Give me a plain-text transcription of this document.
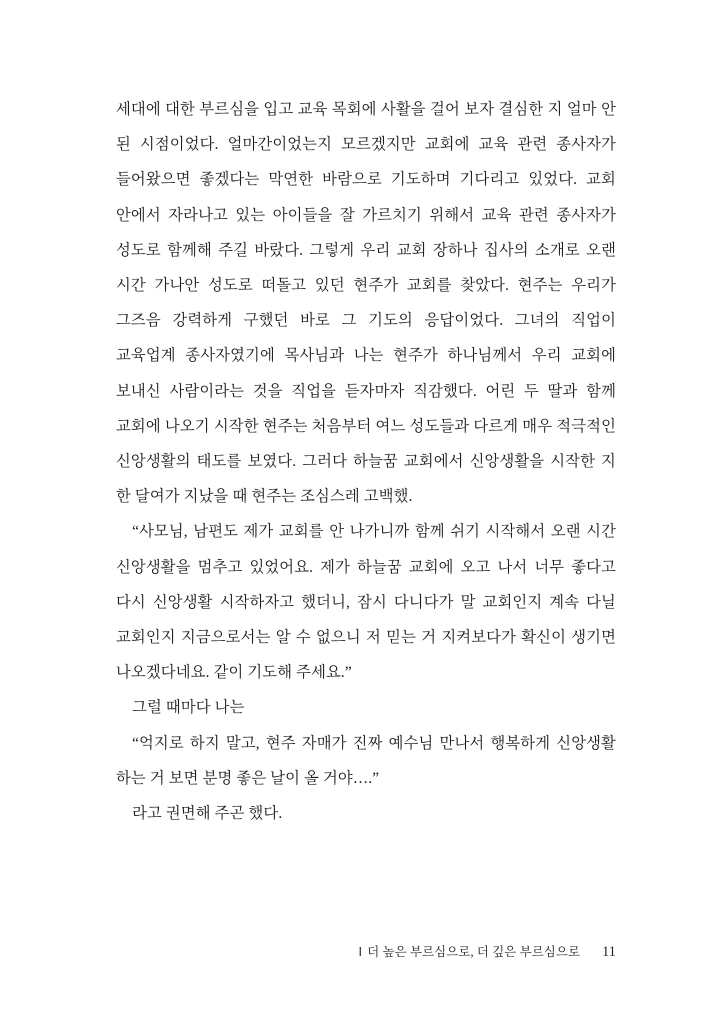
세대에 대한 부르심을 입고 교육 목회에 사활을 걸어 보자 결심한 지 얼마 안 된 시점이었다. 얼마간이었는지 모르겠지만 교회에 교육 관련 종사자가 들어왔으면 좋겠다는 막연한 바람으로 기도하며 기다리고 있었다. 교회 안에서 자라나고 있는 아이들을 잘 가르치기 위해서 교육 관련 종사자가 성도로 함께해 주길 바랐다. 그렇게 우리 교회 장하나 집사의 소개로 오랜 시간 가나안 성도로 떠돌고 있던 현주가 교회를 찾았다. 현주는 우리가 그즈음 강력하게 구했던 바로 그 기도의 응답이었다. 그녀의 직업이 교육업계 종사자였기에 목사님과 나는 현주가 하나님께서 우리 교회에 보내신 사람이라는 것을 직업을 듣자마자 직감했다. 어린 두 딸과 함께 교회에 나오기 시작한 현주는 처음부터 여느 성도들과 다르게 매우 적극적인 신앙생활의 태도를 보였다. 그러다 하늘꿈 교회에서 신앙생활을 시작한 지 한 달여가 지났을 때 현주는 조심스레 고백했.

“사모님, 남편도 제가 교회를 안 나가니까 함께 쉬기 시작해서 오랜 시간 신앙생활을 멈추고 있었어요. 제가 하늘꿈 교회에 오고 나서 너무 좋다고 다시 신앙생활 시작하자고 했더니, 잠시 다니다가 말 교회인지 계속 다닐 교회인지 지금으로서는 알 수 없으니 저 믿는 거 지켜보다가 확신이 생기면 나오겠다네요. 같이 기도해 주세요.”

그럴 때마다 나는

“억지로 하지 말고, 현주 자매가 진짜 예수님 만나서 행복하게 신앙생활 하는 거 보면 분명 좋은 날이 올 거야….”

라고 권면해 주곤 했다.

Ⅰ 더 높은 부르심으로, 더 깊은 부르심으로 11
